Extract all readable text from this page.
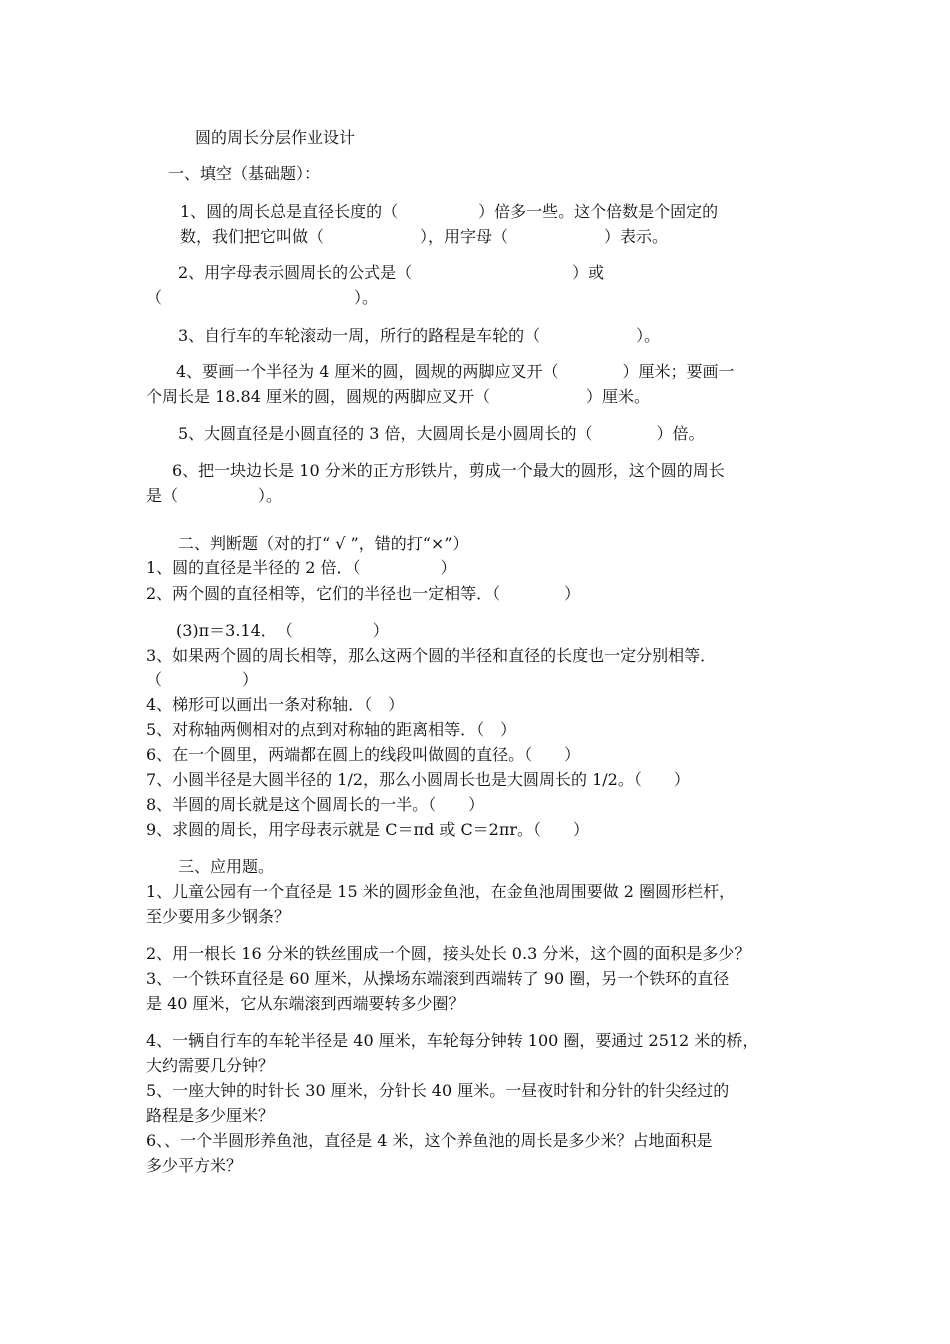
圆的周长分层作业设计

一、填空（基础题）：

1、圆的周长总是直径长度的（　　　　　）倍多一些。这个倍数是个固定的

数，我们把它叫做（　　　　　　），用字母（　　　　　　）表示。

2、用字母表示圆周长的公式是（　　　　　　　　　　）或

（　　　　　　　　　　　　）。

3、自行车的车轮滚动一周，所行的路程是车轮的（　　　　　　）。

4、要画一个半径为 4 厘米的圆，圆规的两脚应叉开（　　　　）厘米；要画一

个周长是 18.84 厘米的圆，圆规的两脚应叉开（　　　　　　）厘米。

5、大圆直径是小圆直径的 3 倍，大圆周长是小圆周长的（　　　　）倍。

6、把一块边长是 10 分米的正方形铁片，剪成一个最大的圆形，这个圆的周长

是（　　　　　）。

二、判断题（对的打“ √ ”，错的打“×”）

1、圆的直径是半径的 2 倍．（　　　　　）

2、两个圆的直径相等，它们的半径也一定相等．（　　　　）

(3)π＝3.14．　（　　　　　）

3、如果两个圆的周长相等，那么这两个圆的半径和直径的长度也一定分别相等．

（　　　　　）

4、梯形可以画出一条对称轴．（　）

5、对称轴两侧相对的点到对称轴的距离相等．（　）

6、在一个圆里，两端都在圆上的线段叫做圆的直径。（　　）

7、小圆半径是大圆半径的 1/2，那么小圆周长也是大圆周长的 1/2。（　　）

8、半圆的周长就是这个圆周长的一半。（　　）

9、求圆的周长，用字母表示就是 C＝πd 或 C＝2πr。（　　）

三、应用题。

1、儿童公园有一个直径是 15 米的圆形金鱼池，在金鱼池周围要做 2 圈圆形栏杆，

至少要用多少钢条？

2、用一根长 16 分米的铁丝围成一个圆，接头处长 0.3 分米，这个圆的面积是多少？

3、一个铁环直径是 60 厘米，从操场东端滚到西端转了 90 圈，另一个铁环的直径

是 40 厘米，它从东端滚到西端要转多少圈？

4、一辆自行车的车轮半径是 40 厘米，车轮每分钟转 100 圈，要通过 2512 米的桥，

大约需要几分钟？

5、一座大钟的时针长 30 厘米，分针长 40 厘米。一昼夜时针和分针的针尖经过的

路程是多少厘米？

6、、一个半圆形养鱼池，直径是 4 米，这个养鱼池的周长是多少米？占地面积是

多少平方米？
